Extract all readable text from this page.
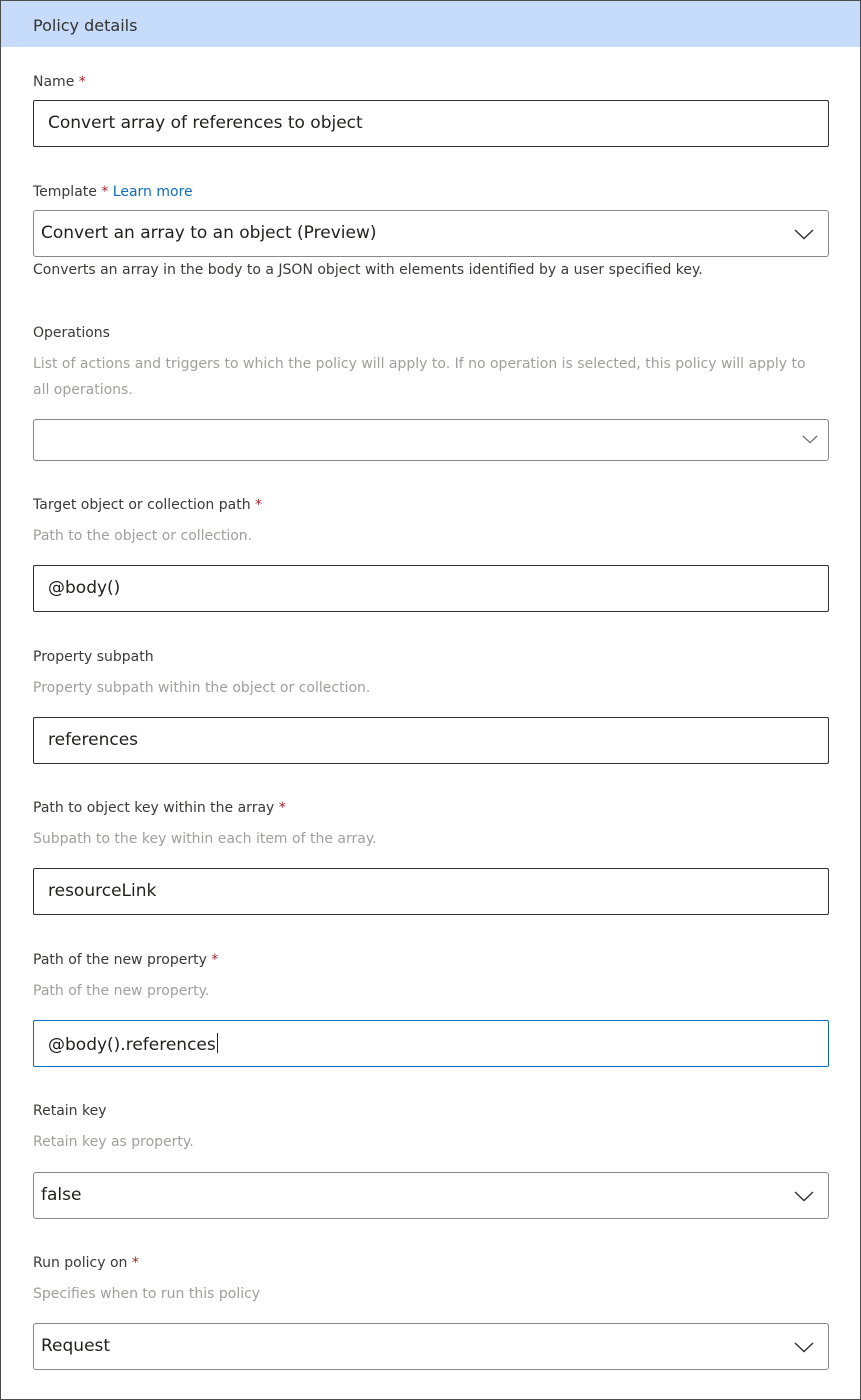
Policy details
Name *
Convert array of references to object
Template * Learn more
Convert an array to an object (Preview)
Converts an array in the body to a JSON object with elements identified by a user specified key.
Operations
List of actions and triggers to which the policy will apply to. If no operation is selected, this policy will apply to all operations.
Target object or collection path *
Path to the object or collection.
@body()
Property subpath
Property subpath within the object or collection.
references
Path to object key within the array *
Subpath to the key within each item of the array.
resourceLink
Path of the new property *
Path of the new property.
@body().references
Retain key
Retain key as property.
false
Run policy on *
Specifies when to run this policy
Request
